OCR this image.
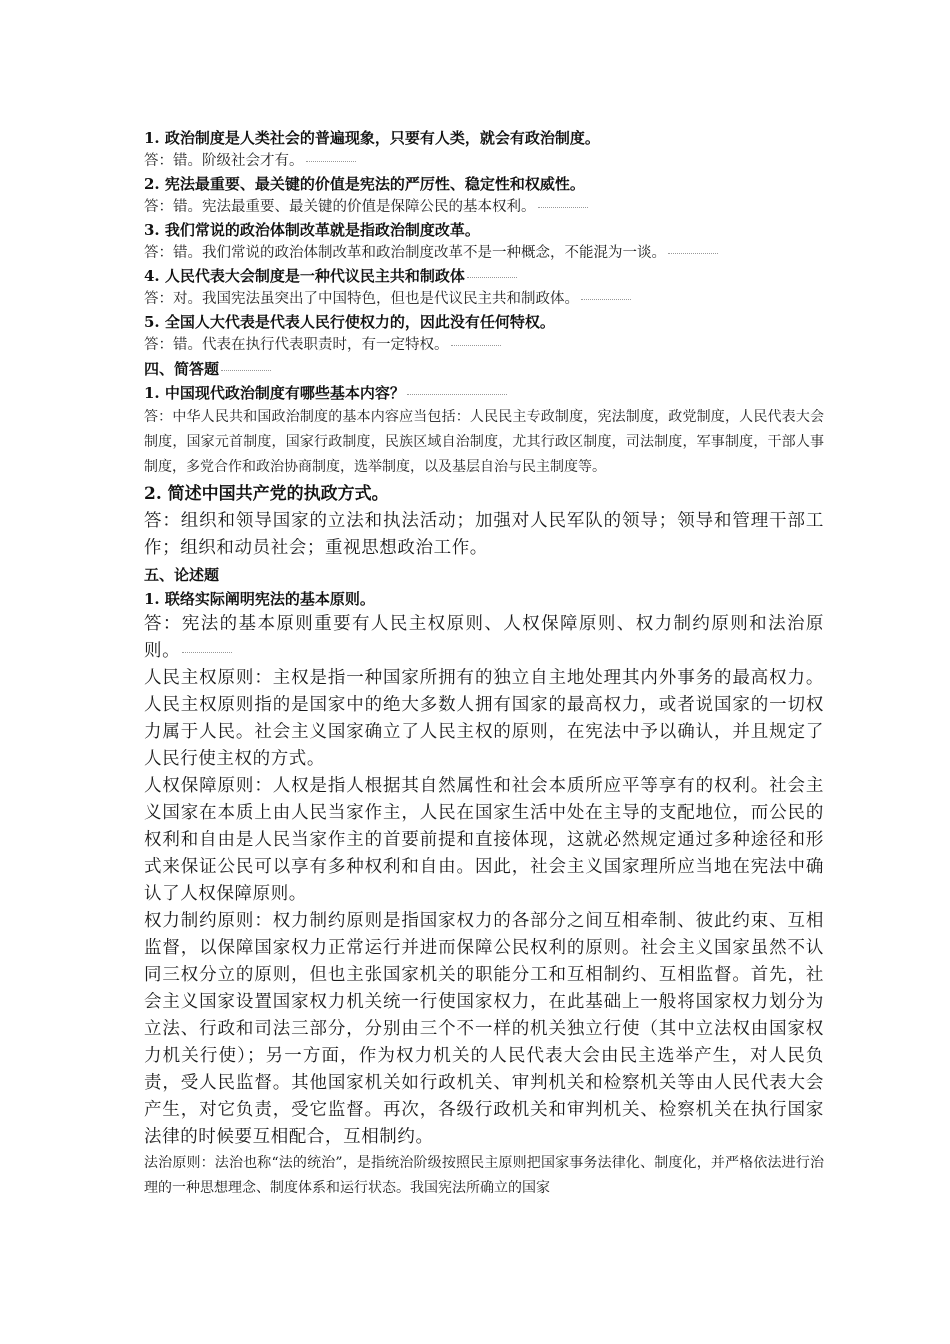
1. 政治制度是人类社会的普遍现象，只要有人类，就会有政治制度。
答：错。阶级社会才有。
2. 宪法最重要、最关键的价值是宪法的严厉性、稳定性和权威性。
答：错。宪法最重要、最关键的价值是保障公民的基本权利。
3. 我们常说的政治体制改革就是指政治制度改革。
答：错。我们常说的政治体制改革和政治制度改革不是一种概念，不能混为一谈。
4. 人民代表大会制度是一种代议民主共和制政体
答：对。我国宪法虽突出了中国特色，但也是代议民主共和制政体。
5. 全国人大代表是代表人民行使权力的，因此没有任何特权。
答：错。代表在执行代表职责时，有一定特权。
四、简答题
1. 中国现代政治制度有哪些基本内容？

答：中华人民共和国政治制度的基本内容应当包括：人民民主专政制度，宪法制度，政党制度，人民代表大会制度，国家元首制度，国家行政制度，民族区域自治制度，尤其行政区制度，司法制度，军事制度，干部人事制度，多党合作和政治协商制度，选举制度，以及基层自治与民主制度等。

2. 简述中国共产党的执政方式。

答：组织和领导国家的立法和执法活动；加强对人民军队的领导；领导和管理干部工作；组织和动员社会；重视思想政治工作。

五、论述题
1. 联络实际阐明宪法的基本原则。

答：宪法的基本原则重要有人民主权原则、人权保障原则、权力制约原则和法治原则。

人民主权原则：主权是指一种国家所拥有的独立自主地处理其内外事务的最高权力。人民主权原则指的是国家中的绝大多数人拥有国家的最高权力，或者说国家的一切权力属于人民。社会主义国家确立了人民主权的原则，在宪法中予以确认，并且规定了人民行使主权的方式。

人权保障原则：人权是指人根据其自然属性和社会本质所应平等享有的权利。社会主义国家在本质上由人民当家作主，人民在国家生活中处在主导的支配地位，而公民的权利和自由是人民当家作主的首要前提和直接体现，这就必然规定通过多种途径和形式来保证公民可以享有多种权利和自由。因此，社会主义国家理所应当地在宪法中确认了人权保障原则。

权力制约原则：权力制约原则是指国家权力的各部分之间互相牵制、彼此约束、互相监督，以保障国家权力正常运行并进而保障公民权利的原则。社会主义国家虽然不认同三权分立的原则，但也主张国家机关的职能分工和互相制约、互相监督。首先，社会主义国家设置国家权力机关统一行使国家权力，在此基础上一般将国家权力划分为立法、行政和司法三部分，分别由三个不一样的机关独立行使（其中立法权由国家权力机关行使）；另一方面，作为权力机关的人民代表大会由民主选举产生，对人民负责，受人民监督。其他国家机关如行政机关、审判机关和检察机关等由人民代表大会产生，对它负责，受它监督。再次，各级行政机关和审判机关、检察机关在执行国家法律的时候要互相配合，互相制约。

法治原则：法治也称“法的统治”，是指统治阶级按照民主原则把国家事务法律化、制度化，并严格依法进行治理的一种思想理念、制度体系和运行状态。我国宪法所确立的国家
